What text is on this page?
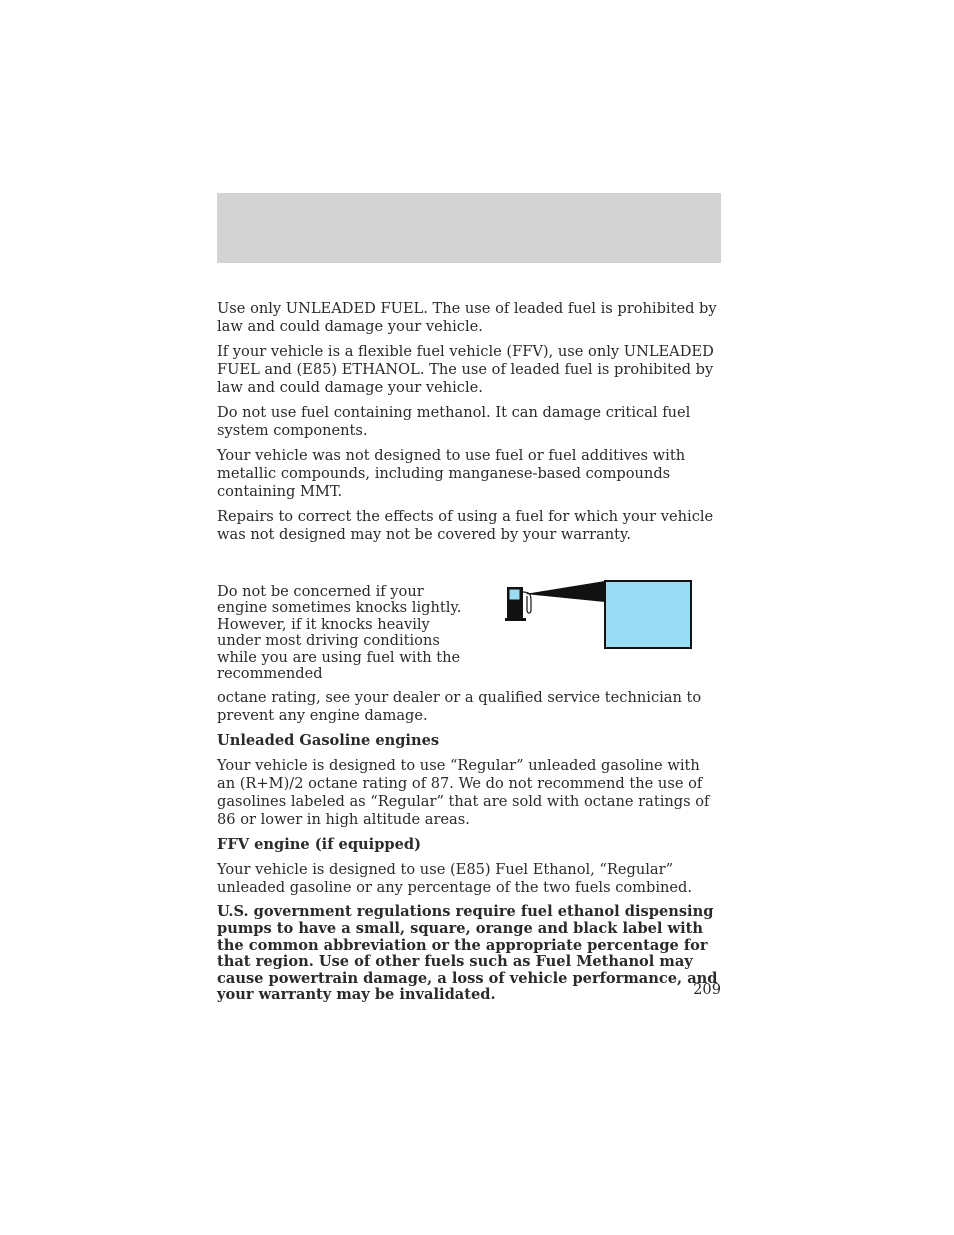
Use only UNLEADED FUEL. The use of leaded fuel is prohibited by law and could damage your vehicle.

If your vehicle is a flexible fuel vehicle (FFV), use only UNLEADED FUEL and (E85) ETHANOL. The use of leaded fuel is prohibited by law and could damage your vehicle.

Do not use fuel containing methanol. It can damage critical fuel system components.

Your vehicle was not designed to use fuel or fuel additives with metallic compounds, including manganese-based compounds containing MMT.

Repairs to correct the effects of using a fuel for which your vehicle was not designed may not be covered by your warranty.

Do not be concerned if your engine sometimes knocks lightly. However, if it knocks heavily under most driving conditions while you are using fuel with the recommended

octane rating, see your dealer or a qualified service technician to prevent any engine damage.

Unleaded Gasoline engines

Your vehicle is designed to use “Regular” unleaded gasoline with an (R+M)/2 octane rating of 87. We do not recommend the use of gasolines labeled as “Regular” that are sold with octane ratings of 86 or lower in high altitude areas.

FFV engine (if equipped)

Your vehicle is designed to use (E85) Fuel Ethanol, “Regular” unleaded gasoline or any percentage of the two fuels combined.

U.S. government regulations require fuel ethanol dispensing pumps to have a small, square, orange and black label with the common abbreviation or the appropriate percentage for that region. Use of other fuels such as Fuel Methanol may cause powertrain damage, a loss of vehicle performance, and your warranty may be invalidated.	209
